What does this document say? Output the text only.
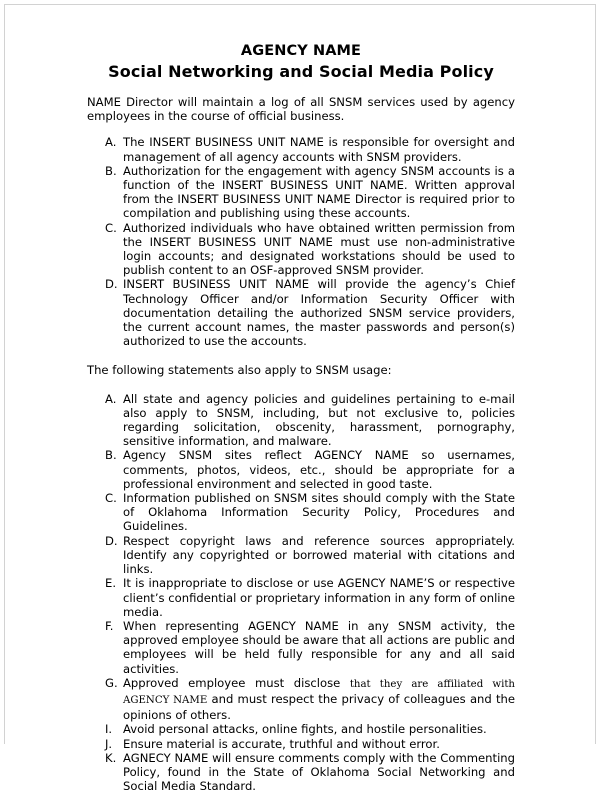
AGENCY NAME
Social Networking and Social Media Policy

NAME Director will maintain a log of all SNSM services used by agency employees in the course of official business.

A. The INSERT BUSINESS UNIT NAME is responsible for oversight and management of all agency accounts with SNSM providers.
B. Authorization for the engagement with agency SNSM accounts is a function of the INSERT BUSINESS UNIT NAME. Written approval from the INSERT BUSINESS UNIT NAME Director is required prior to compilation and publishing using these accounts.
C. Authorized individuals who have obtained written permission from the INSERT BUSINESS UNIT NAME must use non-administrative login accounts; and designated workstations should be used to publish content to an OSF-approved SNSM provider.
D. INSERT BUSINESS UNIT NAME will provide the agency’s Chief Technology Officer and/or Information Security Officer with documentation detailing the authorized SNSM service providers, the current account names, the master passwords and person(s) authorized to use the accounts.

The following statements also apply to SNSM usage:

A. All state and agency policies and guidelines pertaining to e-mail also apply to SNSM, including, but not exclusive to, policies regarding solicitation, obscenity, harassment, pornography, sensitive information, and malware.
B. Agency SNSM sites reflect AGENCY NAME so usernames, comments, photos, videos, etc., should be appropriate for a professional environment and selected in good taste.
C. Information published on SNSM sites should comply with the State of Oklahoma Information Security Policy, Procedures and Guidelines.
D. Respect copyright laws and reference sources appropriately. Identify any copyrighted or borrowed material with citations and links.
E. It is inappropriate to disclose or use AGENCY NAME’S or respective client’s confidential or proprietary information in any form of online media.
F. When representing AGENCY NAME in any SNSM activity, the approved employee should be aware that all actions are public and employees will be held fully responsible for any and all said activities.
G. Approved employee must disclose that they are affiliated with AGENCY NAME and must respect the privacy of colleagues and the opinions of others.
I. Avoid personal attacks, online fights, and hostile personalities.
J. Ensure material is accurate, truthful and without error.
K. AGNECY NAME will ensure comments comply with the Commenting Policy, found in the State of Oklahoma Social Networking and Social Media Standard.
